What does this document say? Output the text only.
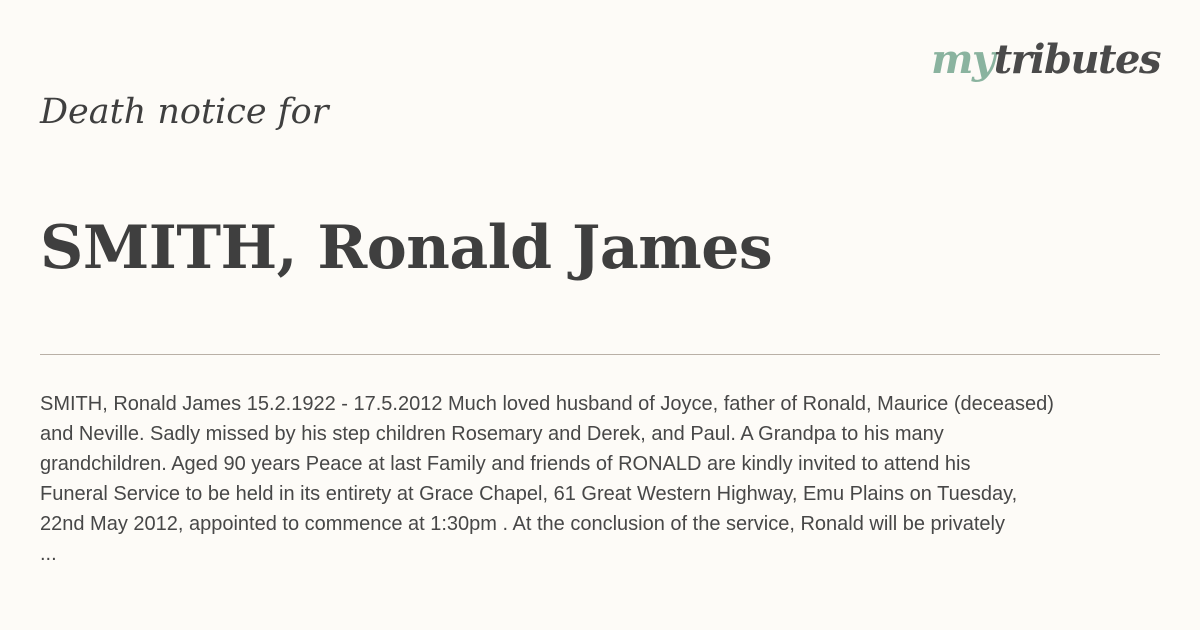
mytributes
Death notice for
SMITH, Ronald James
SMITH, Ronald James 15.2.1922 - 17.5.2012 Much loved husband of Joyce, father of Ronald, Maurice (deceased)
and Neville. Sadly missed by his step children Rosemary and Derek, and Paul. A Grandpa to his many
grandchildren. Aged 90 years Peace at last Family and friends of RONALD are kindly invited to attend his
Funeral Service to be held in its entirety at Grace Chapel, 61 Great Western Highway, Emu Plains on Tuesday,
22nd May 2012, appointed to commence at 1:30pm . At the conclusion of the service, Ronald will be privately
...
